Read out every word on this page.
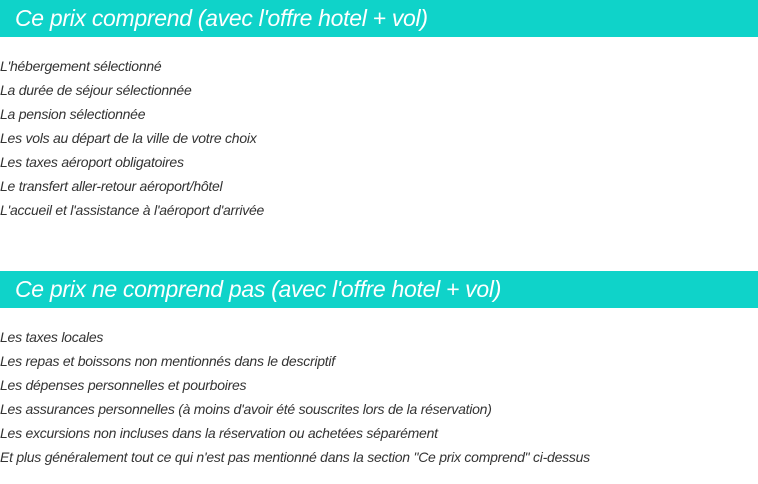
Ce prix comprend (avec l'offre hotel + vol)
L'hébergement sélectionné
La durée de séjour sélectionnée
La pension sélectionnée
Les vols au départ de la ville de votre choix
Les taxes aéroport obligatoires
Le transfert aller-retour aéroport/hôtel
L'accueil et l'assistance à l'aéroport d'arrivée
Ce prix ne comprend pas (avec l'offre hotel + vol)
Les taxes locales
Les repas et boissons non mentionnés dans le descriptif
Les dépenses personnelles et pourboires
Les assurances personnelles (à moins d'avoir été souscrites lors de la réservation)
Les excursions non incluses dans la réservation ou achetées séparément
Et plus généralement tout ce qui n'est pas mentionné dans la section "Ce prix comprend" ci-dessus
